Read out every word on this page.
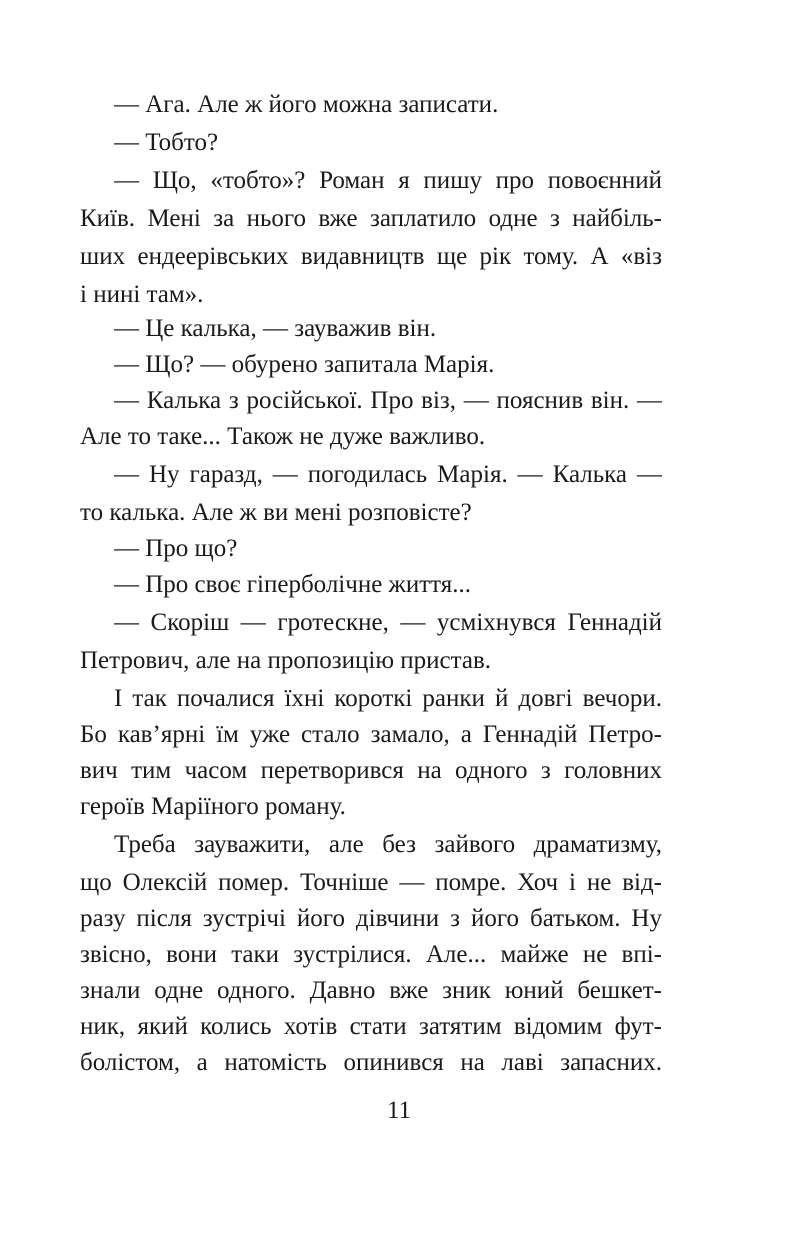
— Ага. Але ж його можна записати.
— Тобто?
— Що, «тобто»? Роман я пишу про повоєнний
Київ. Мені за нього вже заплатило одне з найбіль-
ших ендеерівських видавництв ще рік тому. А «віз
і нині там».
— Це калька, — зауважив він.
— Що? — обурено запитала Марія.
— Калька з російської. Про віз, — пояснив він. —
Але то таке... Також не дуже важливо.
— Ну гаразд, — погодилась Марія. — Калька —
то калька. Але ж ви мені розповісте?
— Про що?
— Про своє гіперболічне життя...
— Скоріш — гротескне, — усміхнувся Геннадій
Петрович, але на пропозицію пристав.
І так почалися їхні короткі ранки й довгі вечори.
Бо кав’ярні їм уже стало замало, а Геннадій Петро-
вич тим часом перетворився на одного з головних
героїв Маріїного роману.
Треба зауважити, але без зайвого драматизму,
що Олексій помер. Точніше — помре. Хоч і не від-
разу після зустрічі його дівчини з його батьком. Ну
звісно, вони таки зустрілися. Але... майже не впі-
знали одне одного. Давно вже зник юний бешкет-
ник, який колись хотів стати затятим відомим фут-
болістом, а натомість опинився на лаві запасних.
11
